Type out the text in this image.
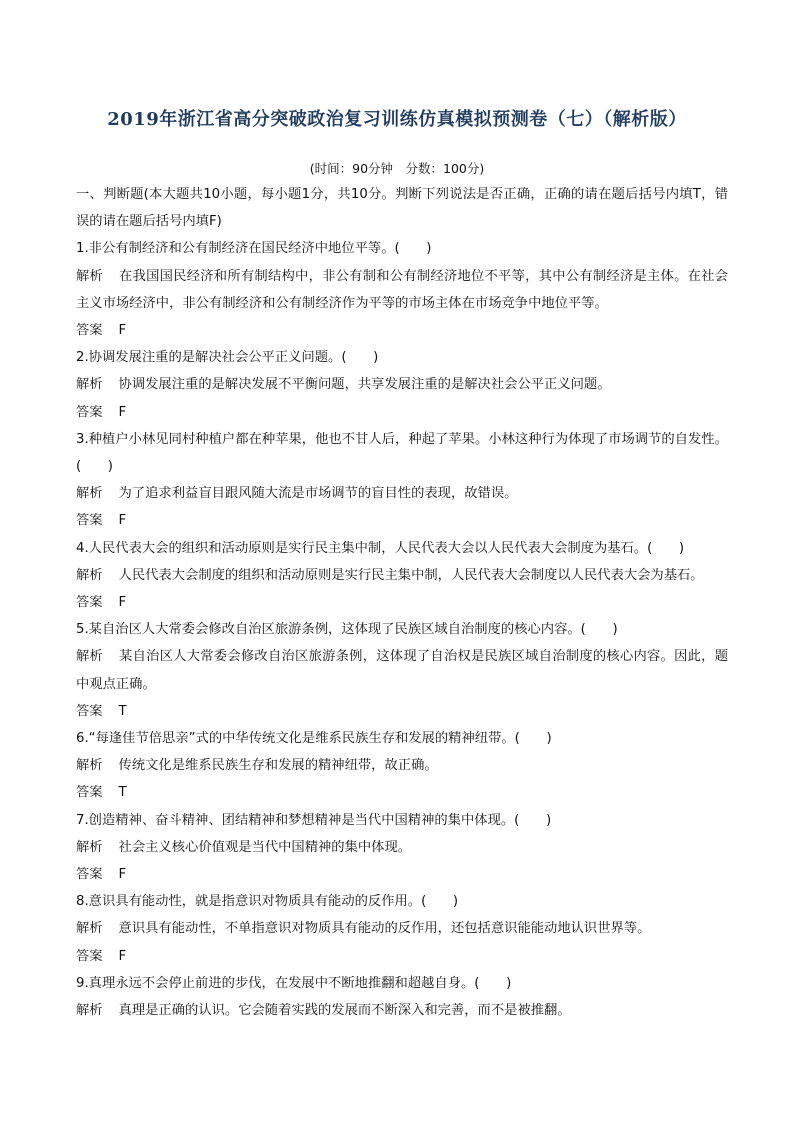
2019年浙江省高分突破政治复习训练仿真模拟预测卷（七）（解析版）
(时间：90分钟　分数：100分)

一、判断题(本大题共10小题，每小题1分，共10分。判断下列说法是否正确，正确的请在题后括号内填T，错误的请在题后括号内填F)

1.非公有制经济和公有制经济在国民经济中地位平等。(　　)

解析 在我国国民经济和所有制结构中，非公有制和公有制经济地位不平等，其中公有制经济是主体。在社会主义市场经济中，非公有制经济和公有制经济作为平等的市场主体在市场竞争中地位平等。

答案 F

2.协调发展注重的是解决社会公平正义问题。(　　)

解析 协调发展注重的是解决发展不平衡问题，共享发展注重的是解决社会公平正义问题。

答案 F

3.种植户小林见同村种植户都在种苹果，他也不甘人后，种起了苹果。小林这种行为体现了市场调节的自发性。(　　)

解析 为了追求利益盲目跟风随大流是市场调节的盲目性的表现，故错误。

答案 F

4.人民代表大会的组织和活动原则是实行民主集中制，人民代表大会以人民代表大会制度为基石。(　　)

解析 人民代表大会制度的组织和活动原则是实行民主集中制，人民代表大会制度以人民代表大会为基石。

答案 F

5.某自治区人大常委会修改自治区旅游条例，这体现了民族区域自治制度的核心内容。(　　)

解析 某自治区人大常委会修改自治区旅游条例，这体现了自治权是民族区域自治制度的核心内容。因此，题中观点正确。

答案 T

6.“每逢佳节倍思亲”式的中华传统文化是维系民族生存和发展的精神纽带。(　　)

解析 传统文化是维系民族生存和发展的精神纽带，故正确。

答案 T

7.创造精神、奋斗精神、团结精神和梦想精神是当代中国精神的集中体现。(　　)

解析 社会主义核心价值观是当代中国精神的集中体现。

答案 F

8.意识具有能动性，就是指意识对物质具有能动的反作用。(　　)

解析 意识具有能动性，不单指意识对物质具有能动的反作用，还包括意识能能动地认识世界等。

答案 F

9.真理永远不会停止前进的步伐，在发展中不断地推翻和超越自身。(　　)

解析 真理是正确的认识。它会随着实践的发展而不断深入和完善，而不是被推翻。
